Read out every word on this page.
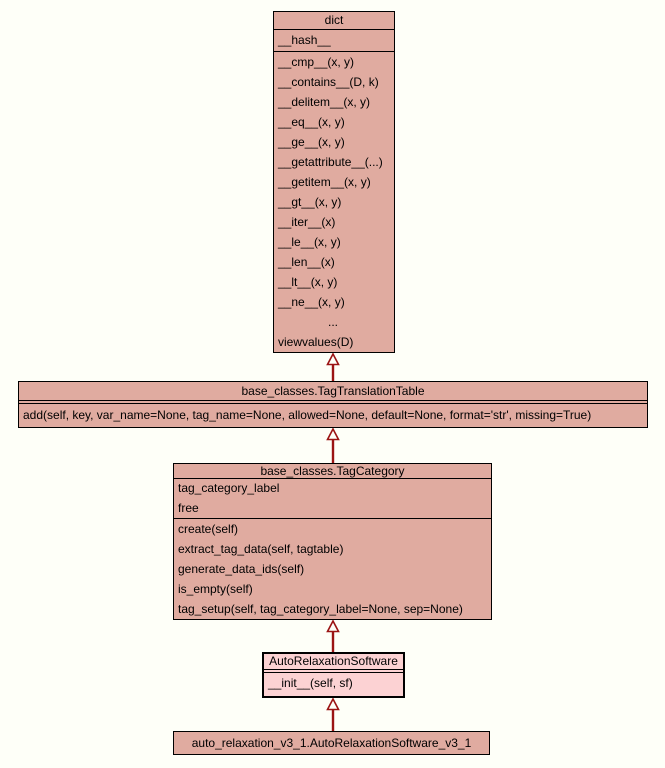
dict
__hash__
__cmp__(x, y)
__contains__(D, k)
__delitem__(x, y)
__eq__(x, y)
__ge__(x, y)
__getattribute__(...)
__getitem__(x, y)
__gt__(x, y)
__iter__(x)
__le__(x, y)
__len__(x)
__lt__(x, y)
__ne__(x, y)
...
viewvalues(D)
base_classes.TagTranslationTable
add(self, key, var_name=None, tag_name=None, allowed=None, default=None, format='str', missing=True)
base_classes.TagCategory
tag_category_label
free
create(self)
extract_tag_data(self, tagtable)
generate_data_ids(self)
is_empty(self)
tag_setup(self, tag_category_label=None, sep=None)
AutoRelaxationSoftware
__init__(self, sf)
auto_relaxation_v3_1.AutoRelaxationSoftware_v3_1
